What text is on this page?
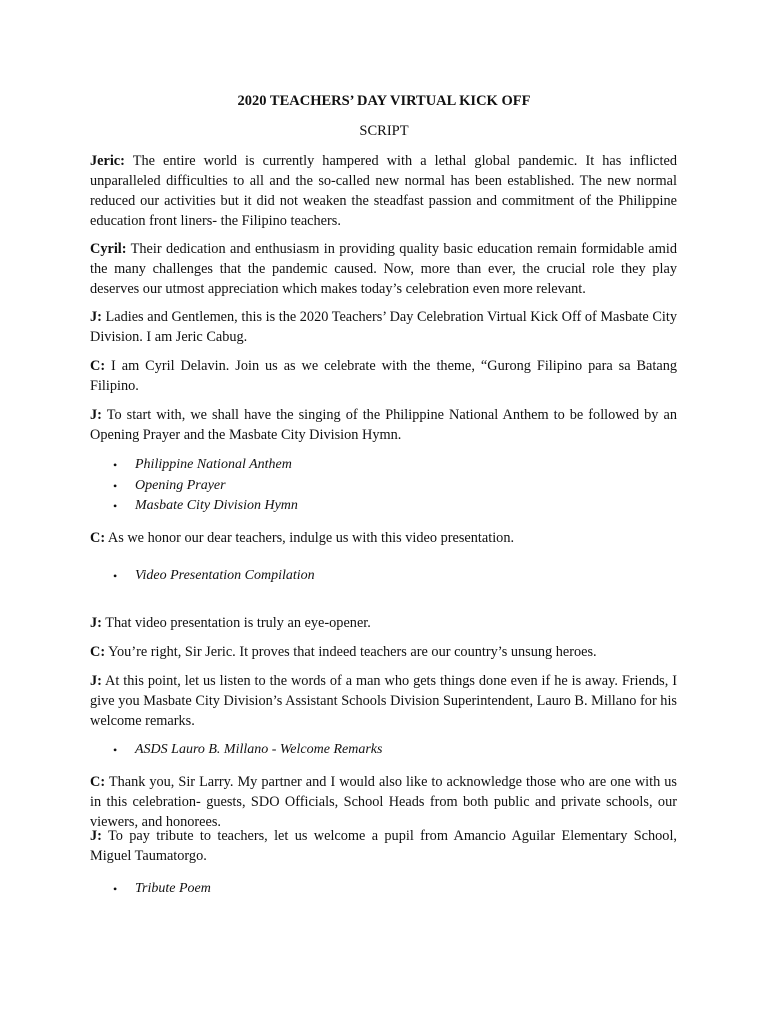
2020 TEACHERS’ DAY VIRTUAL KICK OFF

SCRIPT

Jeric: The entire world is currently hampered with a lethal global pandemic. It has inflicted unparalleled difficulties to all and the so-called new normal has been established. The new normal reduced our activities but it did not weaken the steadfast passion and commitment of the Philippine education front liners- the Filipino teachers.

Cyril: Their dedication and enthusiasm in providing quality basic education remain formidable amid the many challenges that the pandemic caused. Now, more than ever, the crucial role they play deserves our utmost appreciation which makes today’s celebration even more relevant.

J: Ladies and Gentlemen, this is the 2020 Teachers’ Day Celebration Virtual Kick Off of Masbate City Division. I am Jeric Cabug.

C: I am Cyril Delavin. Join us as we celebrate with the theme, “Gurong Filipino para sa Batang Filipino.

J: To start with, we shall have the singing of the Philippine National Anthem to be followed by an Opening Prayer and the Masbate City Division Hymn.

• Philippine National Anthem
• Opening Prayer
• Masbate City Division Hymn

C: As we honor our dear teachers, indulge us with this video presentation.

• Video Presentation Compilation

J: That video presentation is truly an eye-opener.

C: You’re right, Sir Jeric. It proves that indeed teachers are our country’s unsung heroes.

J: At this point, let us listen to the words of a man who gets things done even if he is away. Friends, I give you Masbate City Division’s Assistant Schools Division Superintendent, Lauro B. Millano for his welcome remarks.

• ASDS Lauro B. Millano - Welcome Remarks

C: Thank you, Sir Larry. My partner and I would also like to acknowledge those who are one with us in this celebration- guests, SDO Officials, School Heads from both public and private schools, our viewers, and honorees.

J: To pay tribute to teachers, let us welcome a pupil from Amancio Aguilar Elementary School, Miguel Taumatorgo.

• Tribute Poem
